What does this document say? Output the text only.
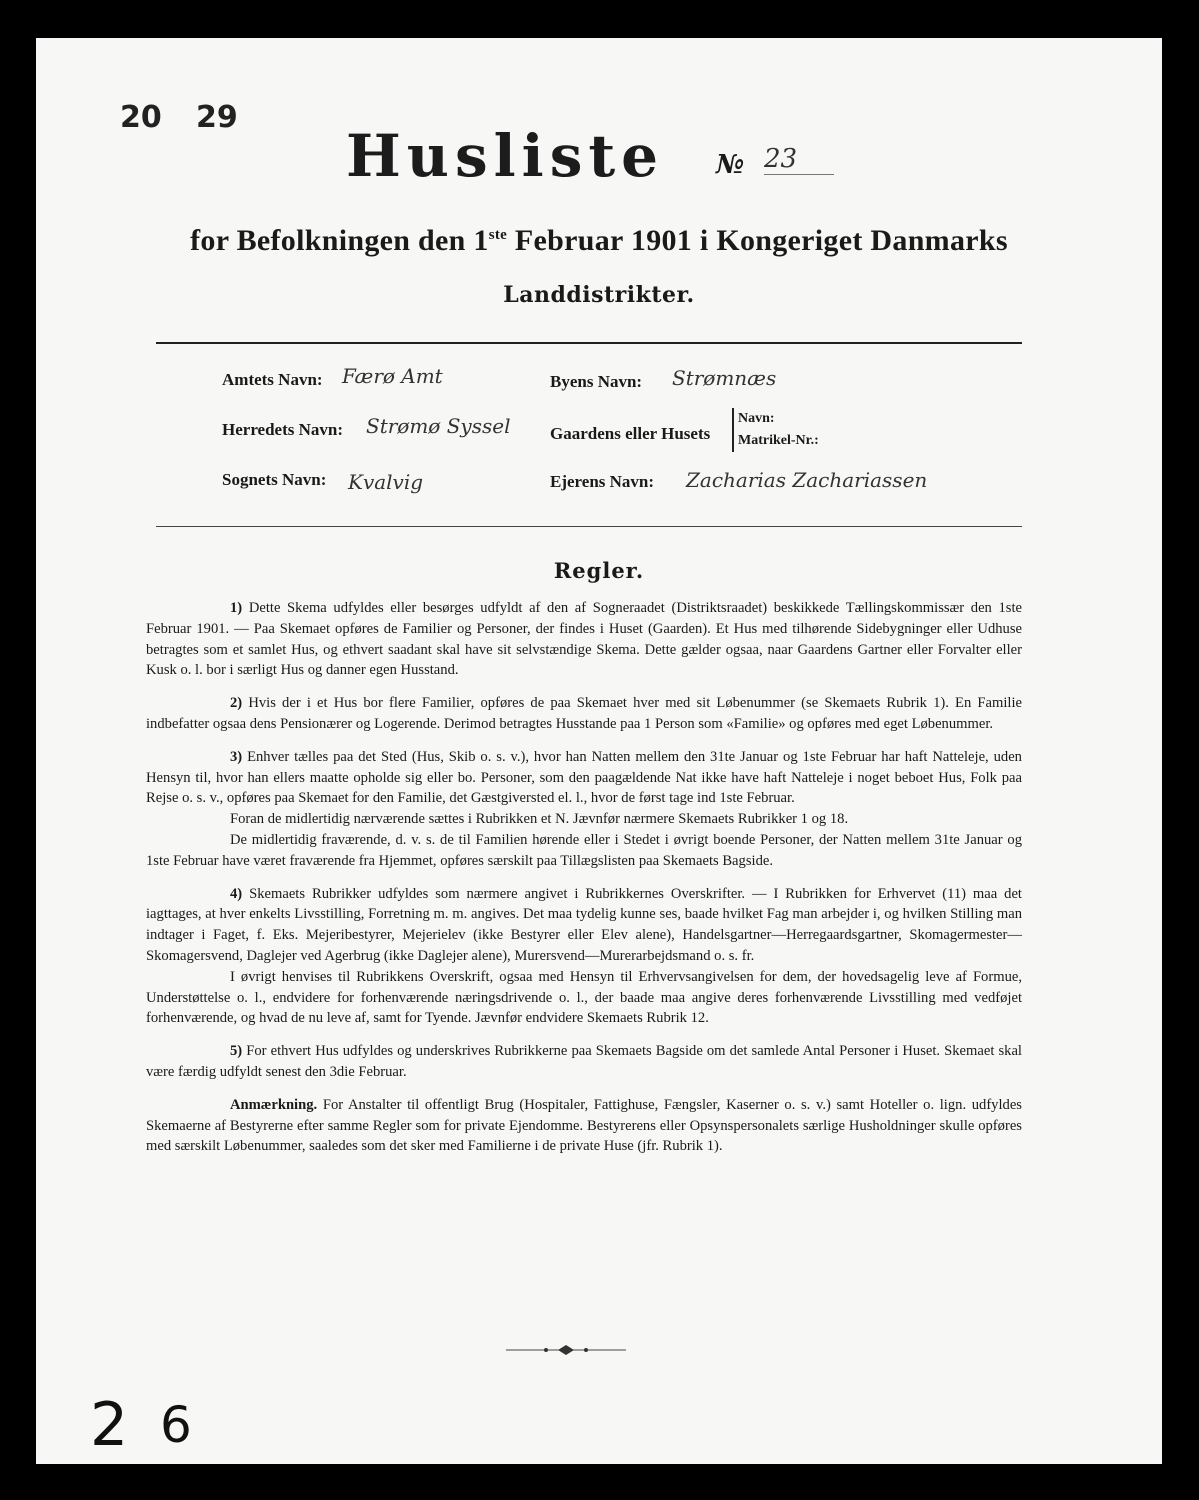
20 29
Husliste № 23
for Befolkningen den 1ste Februar 1901 i Kongeriget Danmarks
Landdistrikter.
Amtets Navn: Færø Amt
Herredets Navn: Strømø Syssel
Sognets Navn: Kvalvig
Byens Navn: Strømnæs
Gaardens eller Husets
Navn:
Matrikel-Nr.:
Ejerens Navn: Zacharias Zachariassen
Regler.

1) Dette Skema udfyldes eller besørges udfyldt af den af Sogneraadet (Distriktsraadet) beskikkede Tællingskommissær den 1ste Februar 1901. — Paa Skemaet opføres de Familier og Personer, der findes i Huset (Gaarden). Et Hus med tilhørende Sidebygninger eller Udhuse betragtes som et samlet Hus, og ethvert saadant skal have sit selvstændige Skema. Dette gælder ogsaa, naar Gaardens Gartner eller Forvalter eller Kusk o. l. bor i særligt Hus og danner egen Husstand.

2) Hvis der i et Hus bor flere Familier, opføres de paa Skemaet hver med sit Løbenummer (se Skemaets Rubrik 1). En Familie indbefatter ogsaa dens Pensionærer og Logerende. Derimod betragtes Husstande paa 1 Person som «Familie» og opføres med eget Løbenummer.

3) Enhver tælles paa det Sted (Hus, Skib o. s. v.), hvor han Natten mellem den 31te Januar og 1ste Februar har haft Natteleje, uden Hensyn til, hvor han ellers maatte opholde sig eller bo. Personer, som den paagældende Nat ikke have haft Natteleje i noget beboet Hus, Folk paa Rejse o. s. v., opføres paa Skemaet for den Familie, det Gæstgiversted el. l., hvor de først tage ind 1ste Februar.

Foran de midlertidig nærværende sættes i Rubrikken et N. Jævnfør nærmere Skemaets Rubrikker 1 og 18.

De midlertidig fraværende, d. v. s. de til Familien hørende eller i Stedet i øvrigt boende Personer, der Natten mellem 31te Januar og 1ste Februar have været fraværende fra Hjemmet, opføres særskilt paa Tillægslisten paa Skemaets Bagside.

4) Skemaets Rubrikker udfyldes som nærmere angivet i Rubrikkernes Overskrifter. — I Rubrikken for Erhvervet (11) maa det iagttages, at hver enkelts Livsstilling, Forretning m. m. angives. Det maa tydelig kunne ses, baade hvilket Fag man arbejder i, og hvilken Stilling man indtager i Faget, f. Eks. Mejeribestyrer, Mejerielev (ikke Bestyrer eller Elev alene), Handelsgartner—Herregaardsgartner, Skomagermester—Skomagersvend, Daglejer ved Agerbrug (ikke Daglejer alene), Murersvend—Murerarbejdsmand o. s. fr.

I øvrigt henvises til Rubrikkens Overskrift, ogsaa med Hensyn til Erhvervsangivelsen for dem, der hovedsagelig leve af Formue, Understøttelse o. l., endvidere for forhenværende næringsdrivende o. l., der baade maa angive deres forhenværende Livsstilling med vedføjet forhenværende, og hvad de nu leve af, samt for Tyende. Jævnfør endvidere Skemaets Rubrik 12.

5) For ethvert Hus udfyldes og underskrives Rubrikkerne paa Skemaets Bagside om det samlede Antal Personer i Huset. Skemaet skal være færdig udfyldt senest den 3die Februar.

Anmærkning. For Anstalter til offentligt Brug (Hospitaler, Fattighuse, Fængsler, Kaserner o. s. v.) samt Hoteller o. lign. udfyldes Skemaerne af Bestyrerne efter samme Regler som for private Ejendomme. Bestyrerens eller Opsynspersonalets særlige Husholdninger skulle opføres med særskilt Løbenummer, saaledes som det sker med Familierne i de private Huse (jfr. Rubrik 1).

2 6
